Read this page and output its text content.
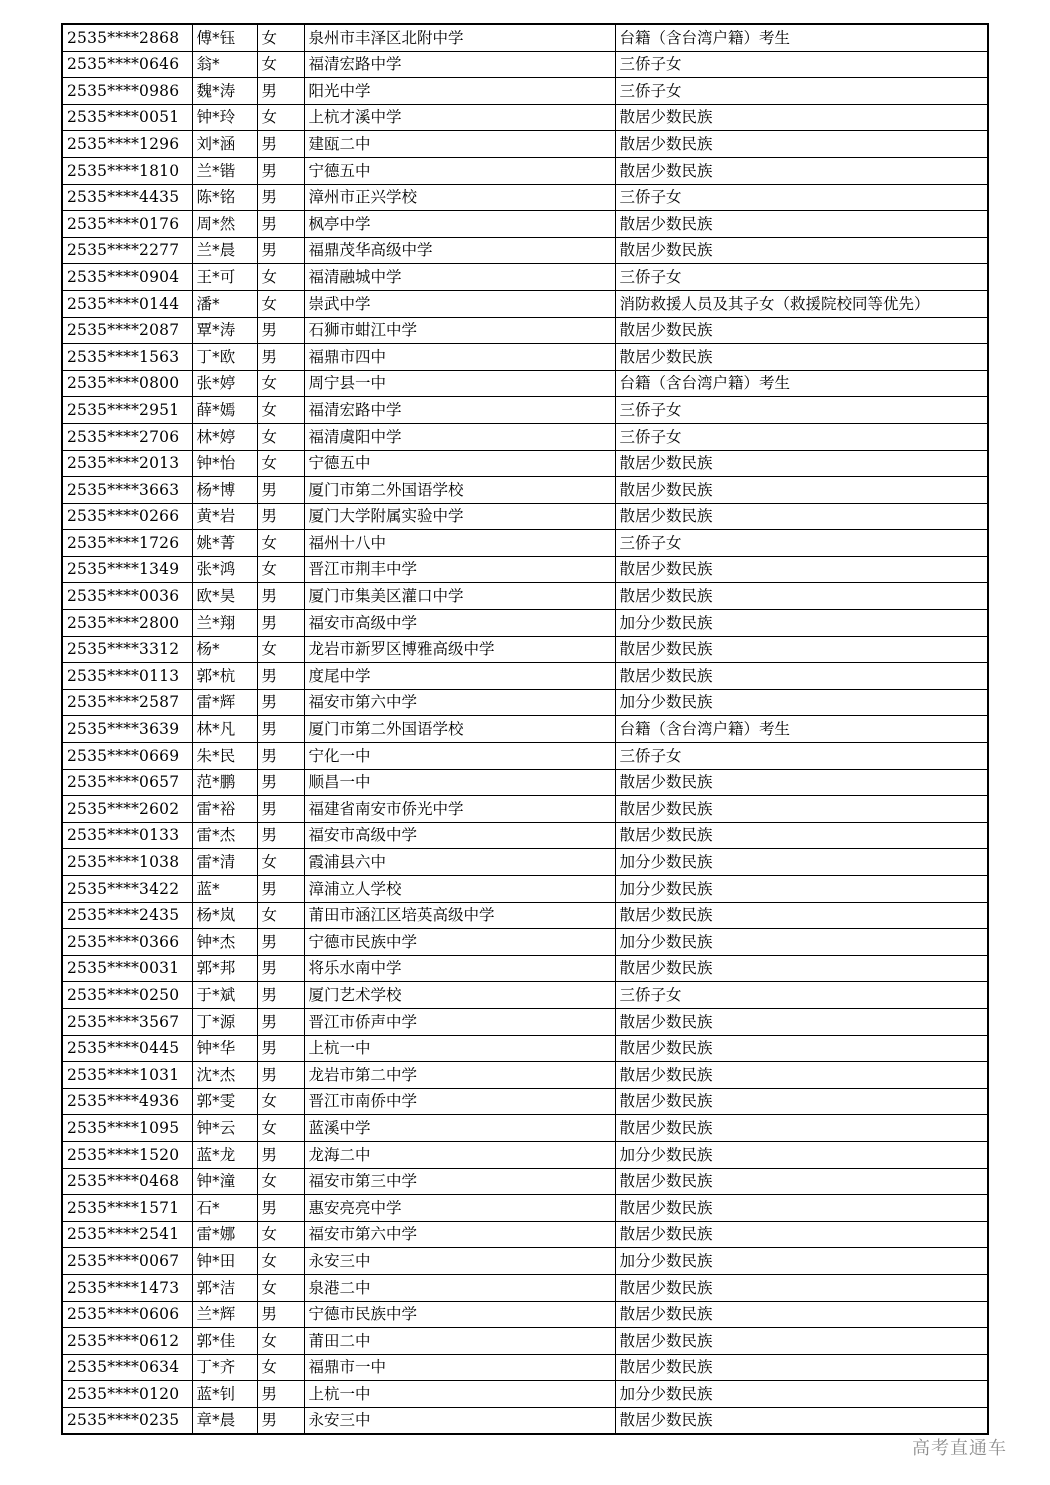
2535****2868	傅*钰	女	泉州市丰泽区北附中学	台籍（含台湾户籍）考生
2535****0646	翁*	女	福清宏路中学	三侨子女
2535****0986	魏*涛	男	阳光中学	三侨子女
2535****0051	钟*玲	女	上杭才溪中学	散居少数民族
2535****1296	刘*涵	男	建瓯二中	散居少数民族
2535****1810	兰*锴	男	宁德五中	散居少数民族
2535****4435	陈*铭	男	漳州市正兴学校	三侨子女
2535****0176	周*然	男	枫亭中学	散居少数民族
2535****2277	兰*晨	男	福鼎茂华高级中学	散居少数民族
2535****0904	王*可	女	福清融城中学	三侨子女
2535****0144	潘*	女	崇武中学	消防救援人员及其子女（救援院校同等优先）
2535****2087	覃*涛	男	石狮市蚶江中学	散居少数民族
2535****1563	丁*欧	男	福鼎市四中	散居少数民族
2535****0800	张*婷	女	周宁县一中	台籍（含台湾户籍）考生
2535****2951	薛*嫣	女	福清宏路中学	三侨子女
2535****2706	林*婷	女	福清虞阳中学	三侨子女
2535****2013	钟*怡	女	宁德五中	散居少数民族
2535****3663	杨*博	男	厦门市第二外国语学校	散居少数民族
2535****0266	黄*岩	男	厦门大学附属实验中学	散居少数民族
2535****1726	姚*菁	女	福州十八中	三侨子女
2535****1349	张*鸿	女	晋江市荆丰中学	散居少数民族
2535****0036	欧*昊	男	厦门市集美区灌口中学	散居少数民族
2535****2800	兰*翔	男	福安市高级中学	加分少数民族
2535****3312	杨*	女	龙岩市新罗区博雅高级中学	散居少数民族
2535****0113	郭*杭	男	度尾中学	散居少数民族
2535****2587	雷*辉	男	福安市第六中学	加分少数民族
2535****3639	林*凡	男	厦门市第二外国语学校	台籍（含台湾户籍）考生
2535****0669	朱*民	男	宁化一中	三侨子女
2535****0657	范*鹏	男	顺昌一中	散居少数民族
2535****2602	雷*裕	男	福建省南安市侨光中学	散居少数民族
2535****0133	雷*杰	男	福安市高级中学	散居少数民族
2535****1038	雷*清	女	霞浦县六中	加分少数民族
2535****3422	蓝*	男	漳浦立人学校	加分少数民族
2535****2435	杨*岚	女	莆田市涵江区培英高级中学	散居少数民族
2535****0366	钟*杰	男	宁德市民族中学	加分少数民族
2535****0031	郭*邦	男	将乐水南中学	散居少数民族
2535****0250	于*斌	男	厦门艺术学校	三侨子女
2535****3567	丁*源	男	晋江市侨声中学	散居少数民族
2535****0445	钟*华	男	上杭一中	散居少数民族
2535****1031	沈*杰	男	龙岩市第二中学	散居少数民族
2535****4936	郭*雯	女	晋江市南侨中学	散居少数民族
2535****1095	钟*云	女	蓝溪中学	散居少数民族
2535****1520	蓝*龙	男	龙海二中	加分少数民族
2535****0468	钟*潼	女	福安市第三中学	散居少数民族
2535****1571	石*	男	惠安亮亮中学	散居少数民族
2535****2541	雷*娜	女	福安市第六中学	散居少数民族
2535****0067	钟*田	女	永安三中	加分少数民族
2535****1473	郭*洁	女	泉港二中	散居少数民族
2535****0606	兰*辉	男	宁德市民族中学	散居少数民族
2535****0612	郭*佳	女	莆田二中	散居少数民族
2535****0634	丁*齐	女	福鼎市一中	散居少数民族
2535****0120	蓝*钊	男	上杭一中	加分少数民族
2535****0235	章*晨	男	永安三中	散居少数民族
高考直通车
